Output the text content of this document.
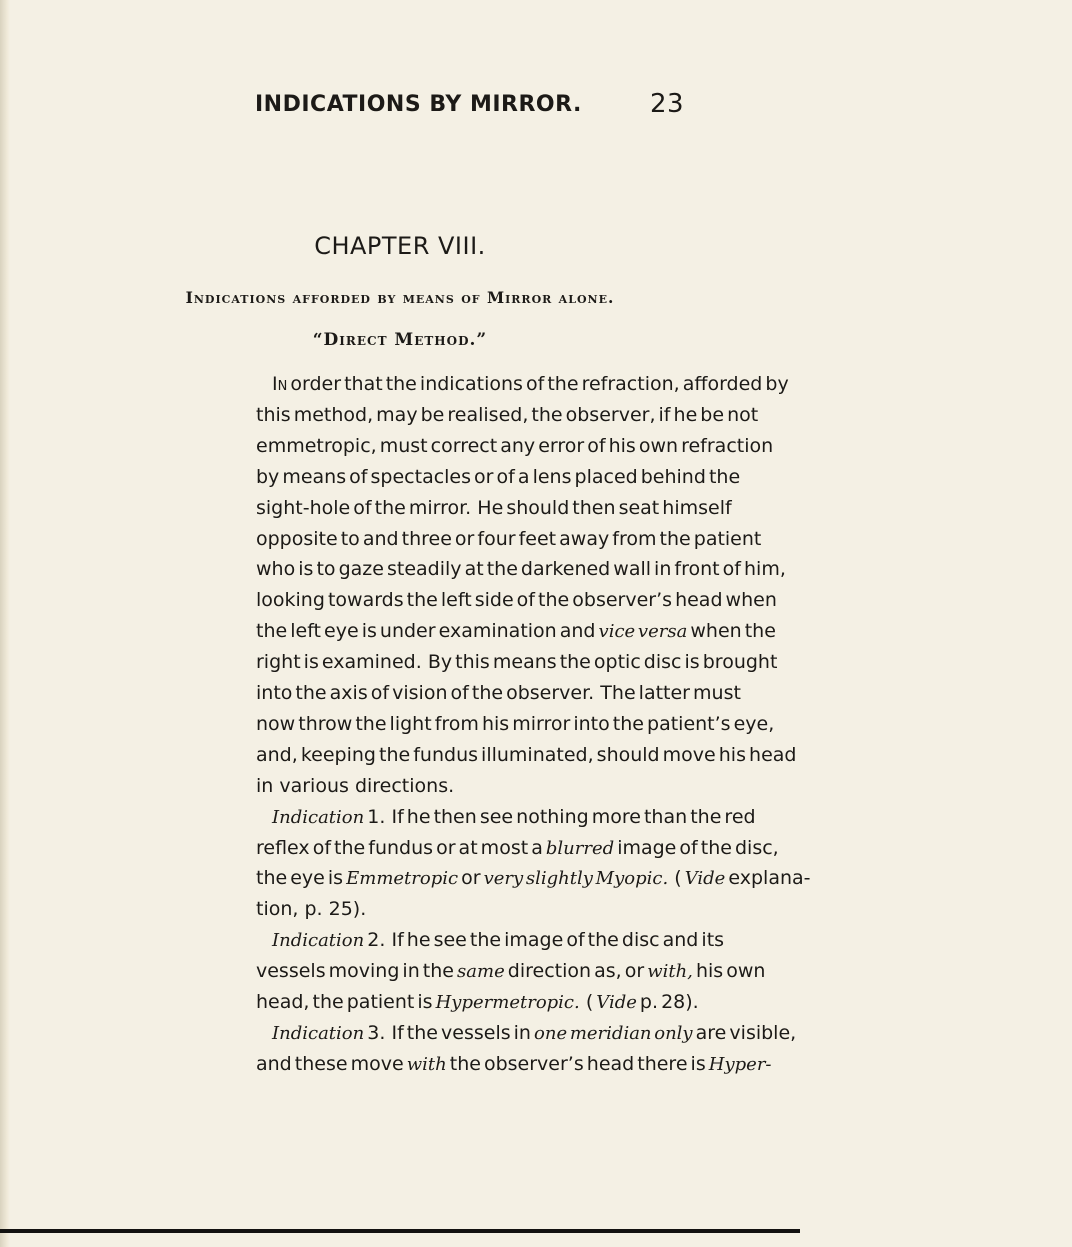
INDICATIONS BY MIRROR.	23
CHAPTER VIII.
Indications afforded by means of Mirror alone.
“Direct Method.”
In order that the indications of the refraction, afforded by
this method, may be realised, the observer, if he be not
emmetropic, must correct any error of his own refraction
by means of spectacles or of a lens placed behind the
sight-hole of the mirror.  He should then seat himself
opposite to and three or four feet away from the patient
who is to gaze steadily at the darkened wall in front of him,
looking towards the left side of the observer’s head when
the left eye is under examination and vice versa when the
right is examined.  By this means the optic disc is brought
into the axis of vision of the observer.  The latter must
now throw the light from his mirror into the patient’s eye,
and, keeping the fundus illuminated, should move his head
in various directions.
Indication 1.  If he then see nothing more than the red
reflex of the fundus or at most a blurred image of the disc,
the eye is Emmetropic or very slightly Myopic.  ( Vide explana-
tion, p. 25).
Indication 2.  If he see the image of the disc and its
vessels moving in the same direction as, or with, his own
head, the patient is Hypermetropic.  ( Vide p. 28).
Indication 3.  If the vessels in one meridian only are visible,
and these move with the observer’s head there is Hyper-
